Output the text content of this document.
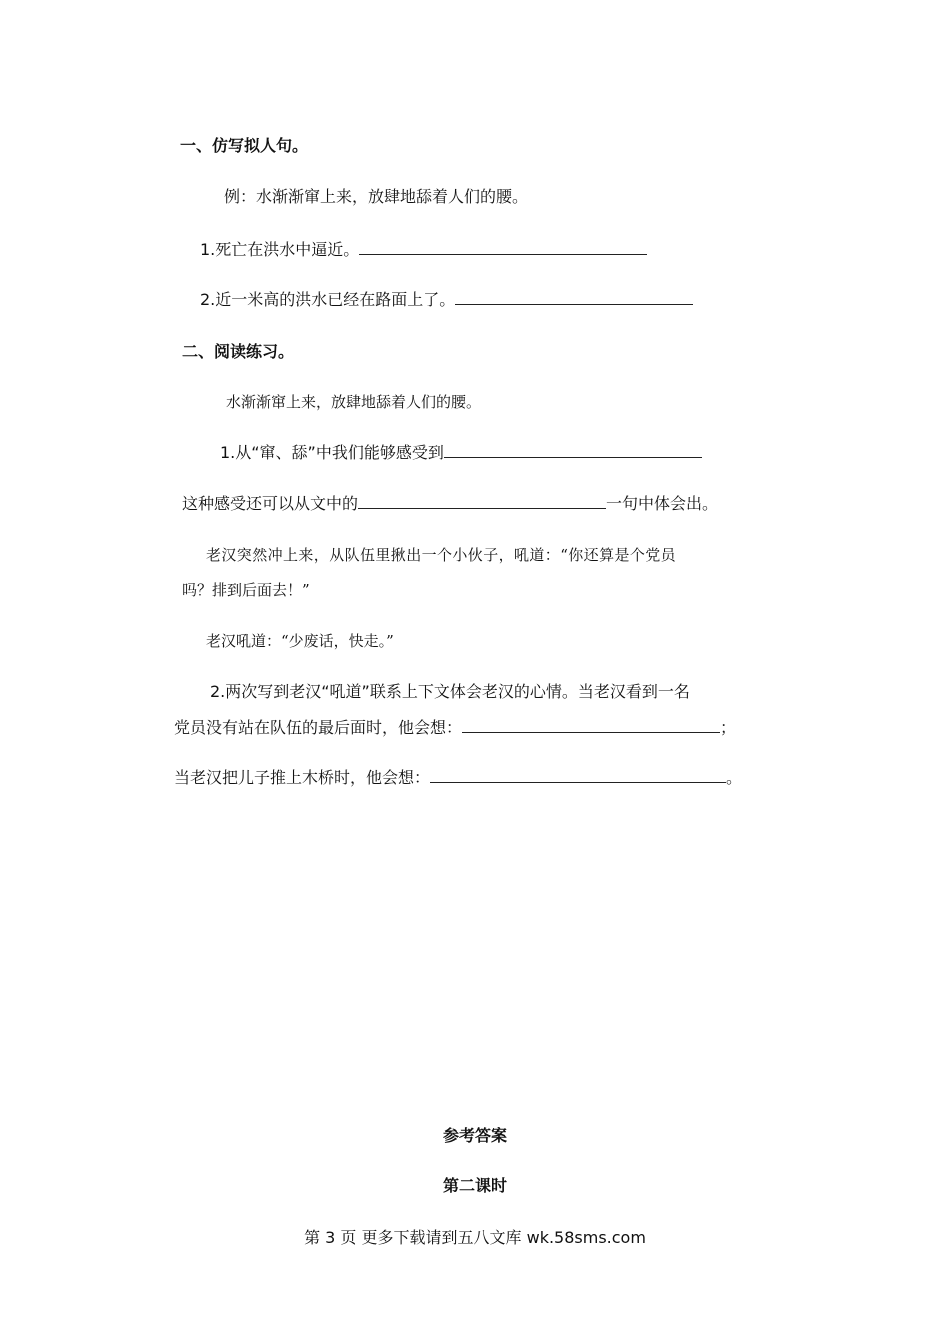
一、仿写拟人句。
例：水渐渐窜上来，放肆地舔着人们的腰。
1.死亡在洪水中逼近。
2.近一米高的洪水已经在路面上了。
二、阅读练习。
水渐渐窜上来，放肆地舔着人们的腰。
1.从“窜、舔”中我们能够感受到
这种感受还可以从文中的	一句中体会出。
老汉突然冲上来，从队伍里揪出一个小伙子，吼道：“你还算是个党员
吗？排到后面去！”
老汉吼道：“少废话，快走。”
2.两次写到老汉“吼道”联系上下文体会老汉的心情。当老汉看到一名
党员没有站在队伍的最后面时，他会想：	；
当老汉把儿子推上木桥时，他会想：	。
参考答案
第二课时
第 3 页 更多下载请到五八文库 wk.58sms.com
